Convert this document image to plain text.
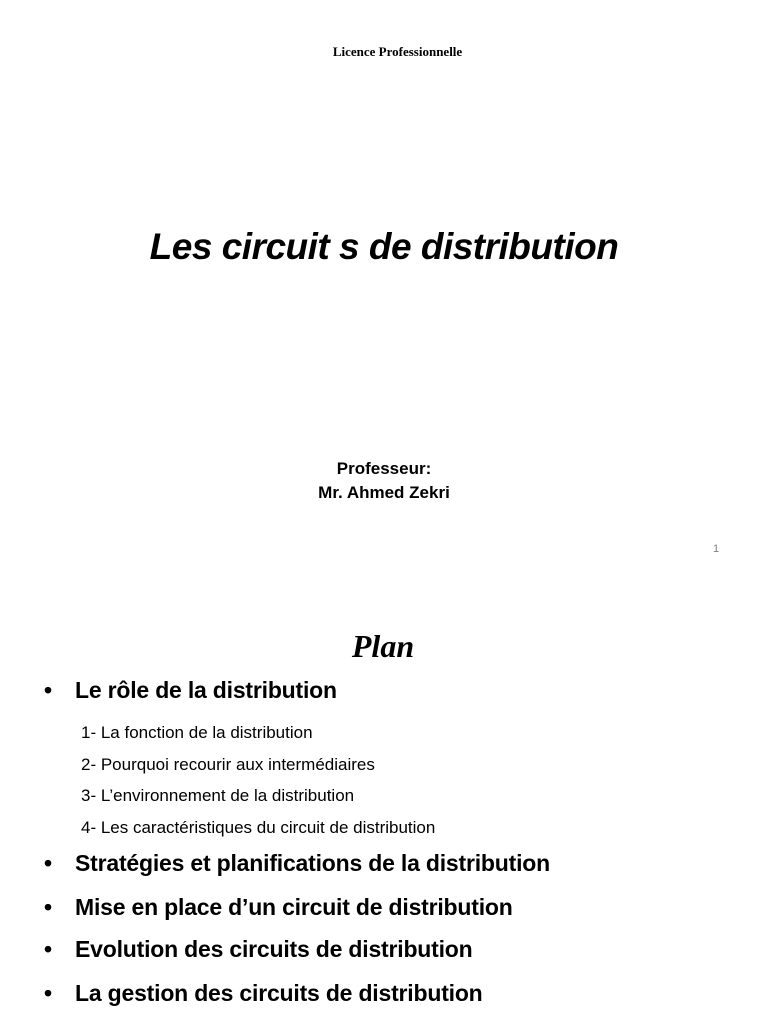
Licence Professionnelle
Les circuit s de distribution
Professeur:
Mr. Ahmed Zekri
1
Plan
• Le rôle de la distribution
1- La fonction de la distribution
2- Pourquoi recourir aux intermédiaires
3- L’environnement de la distribution
4- Les caractéristiques du circuit de distribution
• Stratégies et planifications de la distribution
• Mise en place d’un circuit de distribution
• Evolution des circuits de distribution
• La gestion des circuits de distribution
